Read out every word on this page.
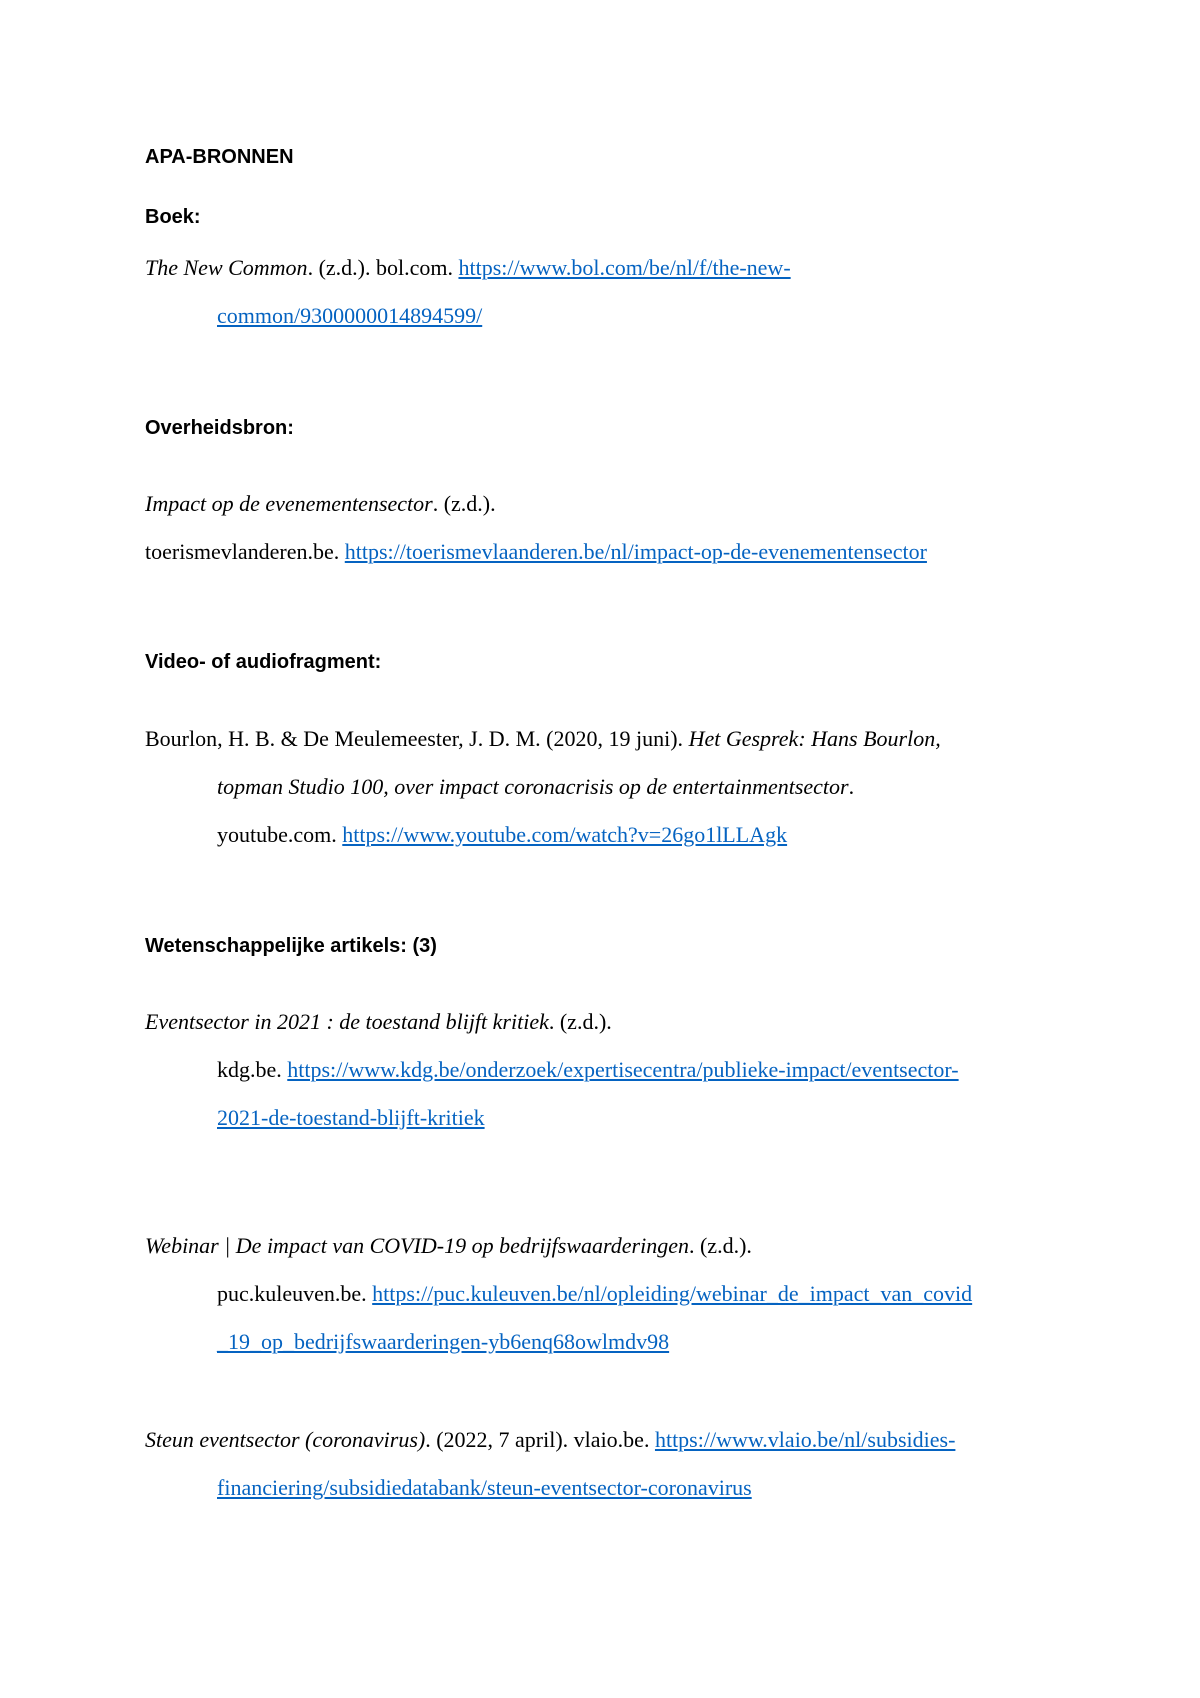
APA-BRONNEN
Boek:
The New Common. (z.d.). bol.com. https://www.bol.com/be/nl/f/the-new-
common/9300000014894599/
Overheidsbron:
Impact op de evenementensector. (z.d.).
toerismevlanderen.be. https://toerismevlaanderen.be/nl/impact-op-de-evenementensector
Video- of audiofragment:
Bourlon, H. B. & De Meulemeester, J. D. M. (2020, 19 juni). Het Gesprek: Hans Bourlon,
topman Studio 100, over impact coronacrisis op de entertainmentsector.
youtube.com. https://www.youtube.com/watch?v=26go1lLLAgk
Wetenschappelijke artikels: (3)
Eventsector in 2021 : de toestand blijft kritiek. (z.d.).
kdg.be. https://www.kdg.be/onderzoek/expertisecentra/publieke-impact/eventsector-
2021-de-toestand-blijft-kritiek
Webinar | De impact van COVID-19 op bedrijfswaarderingen. (z.d.).
puc.kuleuven.be. https://puc.kuleuven.be/nl/opleiding/webinar_de_impact_van_covid
_19_op_bedrijfswaarderingen-yb6enq68owlmdv98
Steun eventsector (coronavirus). (2022, 7 april). vlaio.be. https://www.vlaio.be/nl/subsidies-
financiering/subsidiedatabank/steun-eventsector-coronavirus
